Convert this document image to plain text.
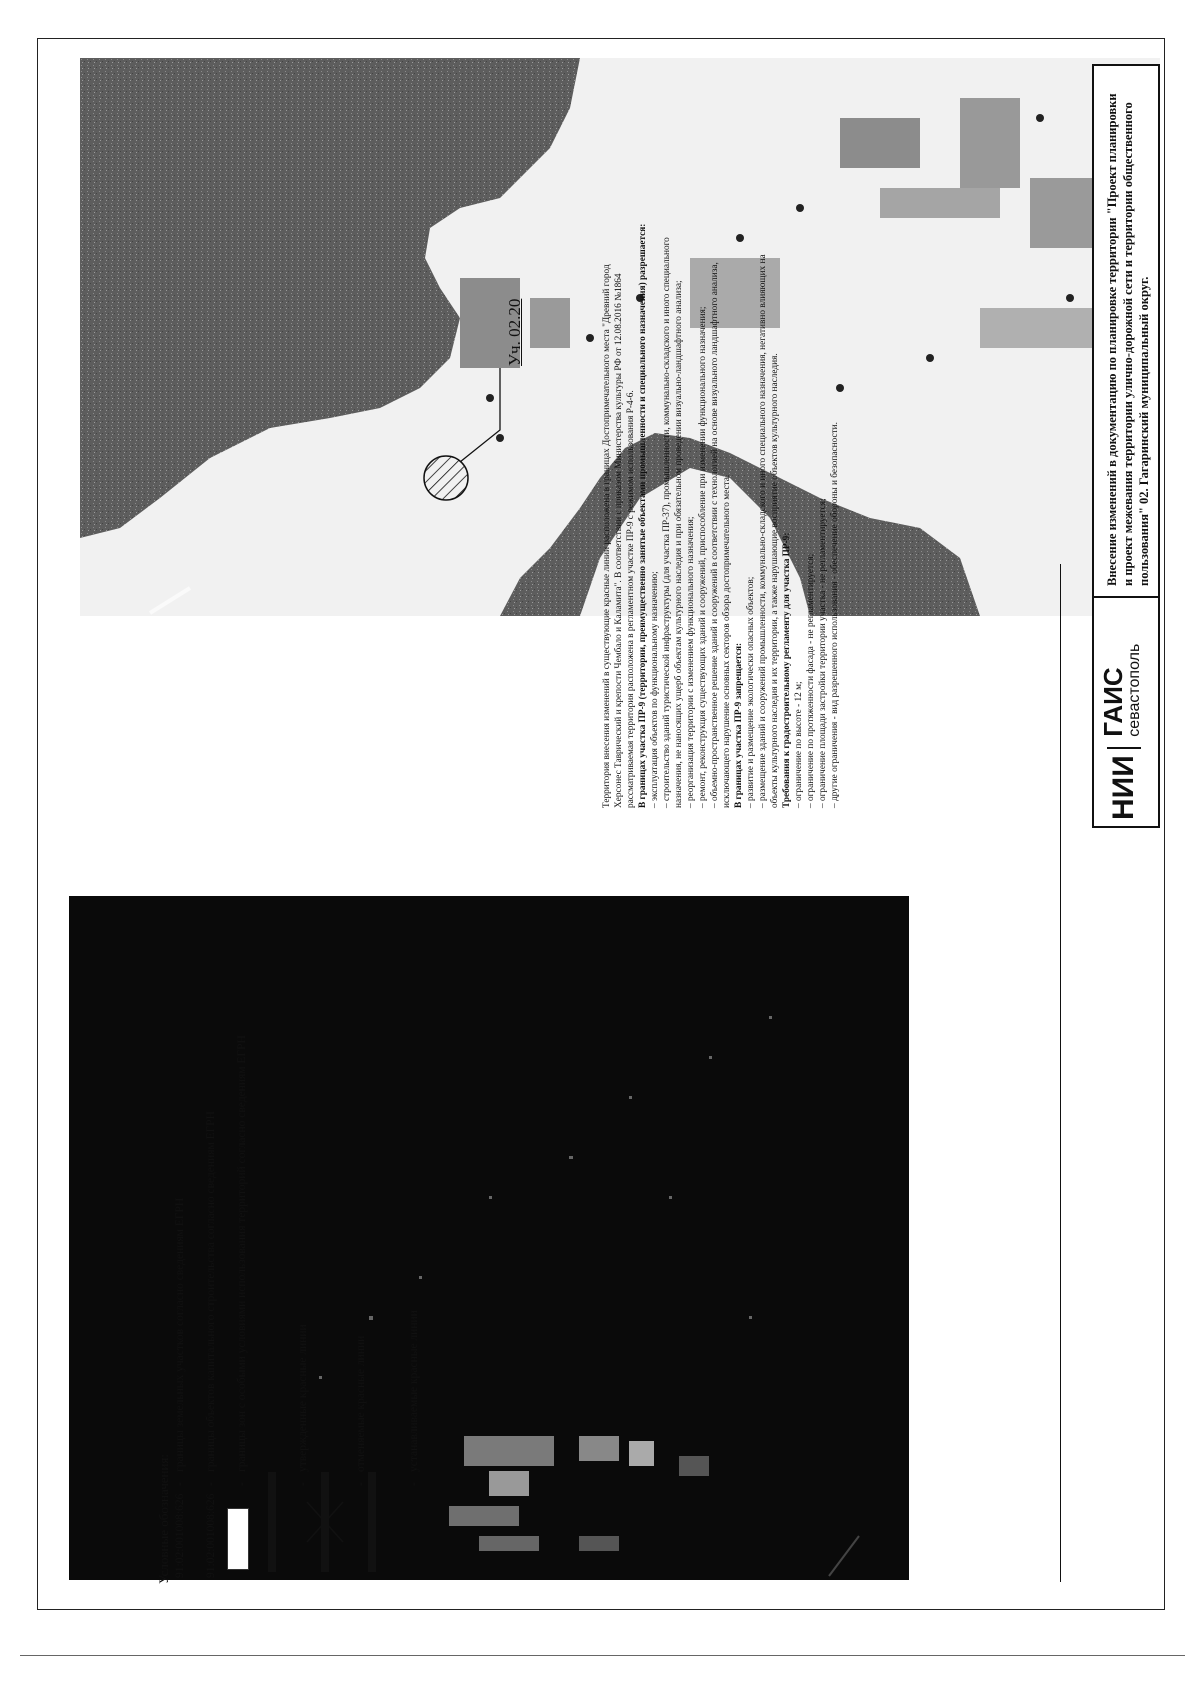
Уч. 02.20	Территория внесения изменений в существующие красные линии расположена в границах Достопримечательного места "Древний город Херсонес Таврический и крепости Чембало и Каламита". В соответствии с приказом Министерства культуры РФ от 12.08.2016 №1864 рассматриваемая территория расположена в регламентном участке ПР-9 с режимом использования Р-4-6. В границах участка ПР-9 (территории, преимущественно занятые объектами промышленности и специального назначения) разрешается: – эксплуатация объектов по функциональному назначению; – строительство зданий туристической инфраструктуры (для участка ПР-37), промышленности, коммунально-складского и иного специального назначения, не наносящих ущерб объектам культурного наследия и при обязательном проведении визуально-ландшафтного анализа; – реорганизация территории с изменением функционального назначения; – ремонт, реконструкция существующих зданий и сооружений, приспособление при изменении функционального назначения; – объемно-пространственное решение зданий и сооружений в соответствии с технологией на основе визуального ландшафтного анализа, исключающего нарушение основных секторов обзора достопримечательного места. В границах участка ПР-9 запрещается: – развитие и размещение экологически опасных объектов; – размещение зданий и сооружений промышленности, коммунально-складского и иного специального назначения, негативно влияющих на объекты культурного наследия и их территории, а также нарушающие восприятие объектов культурного наследия. Требования к градостроительному регламенту для участка ПР-9: – ограничение по высоте - 12 м; – ограничение по протяженности фасада - не регламентируется; – ограничение площади застройки территории участка - не регламентируется; – другие ограничения - вид разрешенного использования - обеспечение обороны и безопасности.

Условные обозначения: 91:02:001008:626
-
границы земельных участков согласно сведениям ЕГРН
91:02:001008:626
-
границы объектов капитального строительства согласно сведениям ЕГРН
-
границы зон с особыми условиями использования территорий согласно сведениям ЕГРН
-
утвержденные красные линии
-
отменяемые красные линии
-
устанавливаемые красные линии
Внесение изменений в документацию по планировке территории "Проект планировки и проект межевания территории улично-дорожной сети и территории общественного пользования" 02. Гагаринский муниципальный округ.
НИИ
ГАИС
севастополь
